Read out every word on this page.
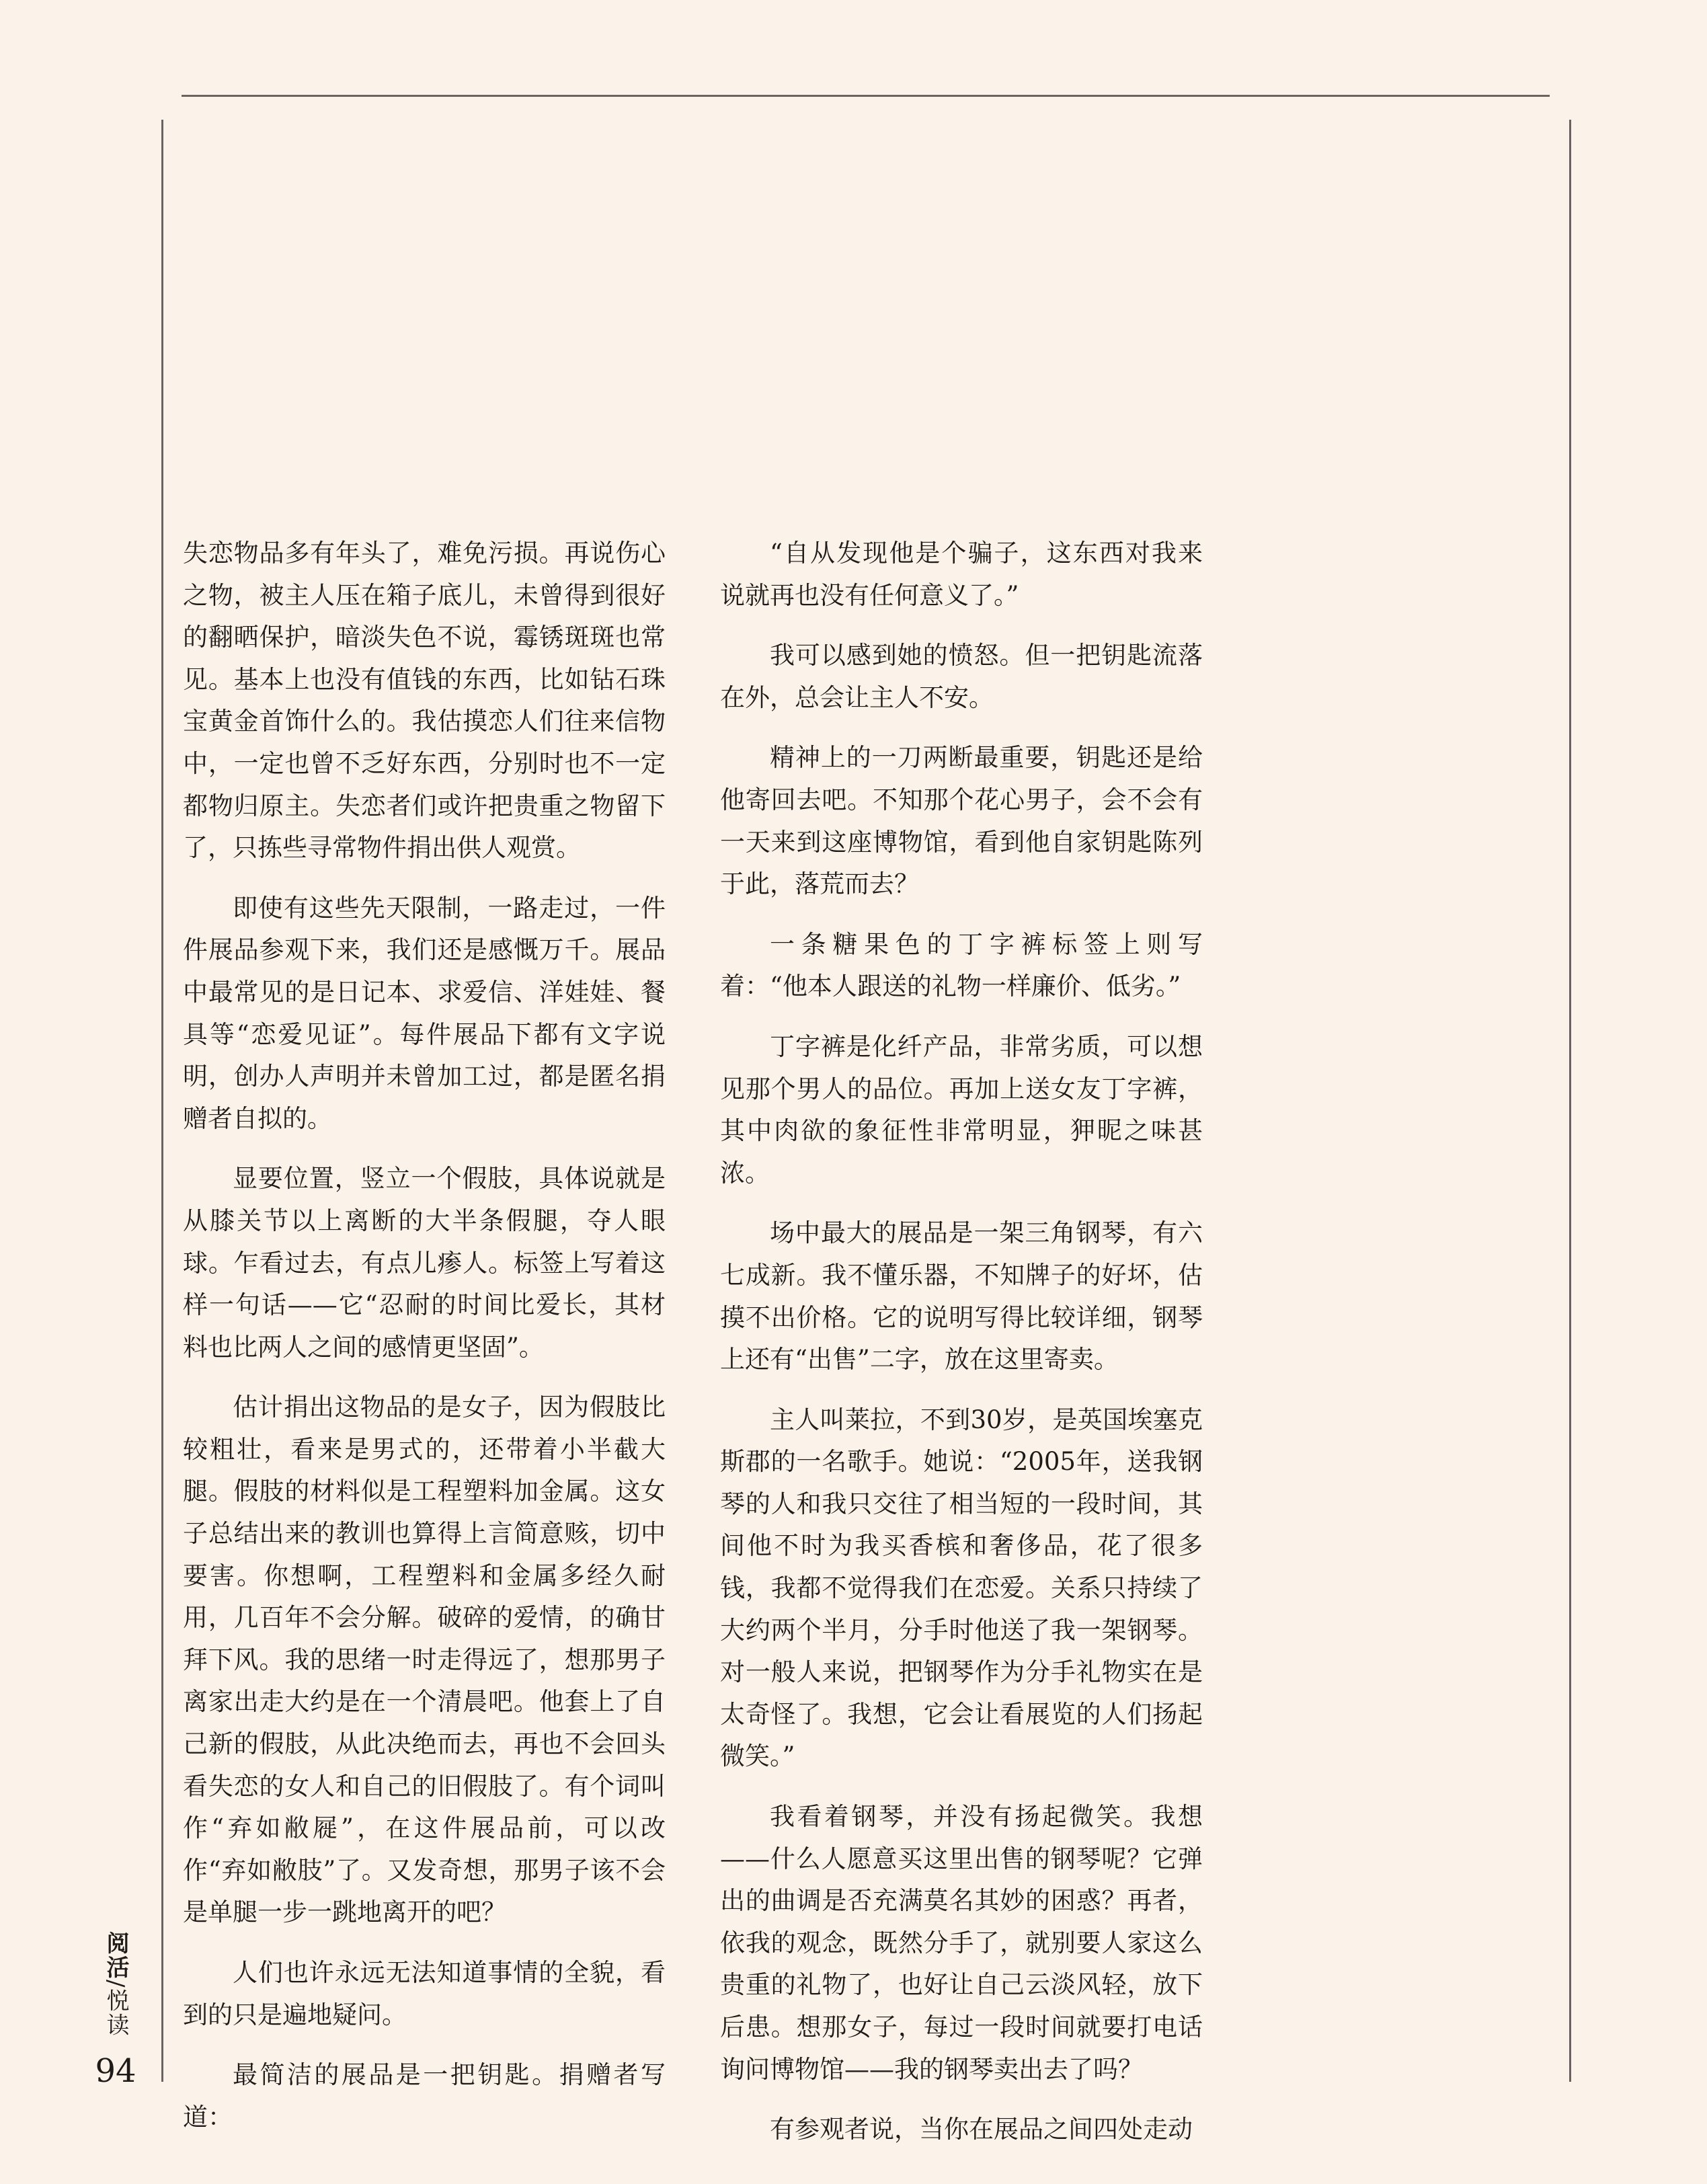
失恋物品多有年头了，难免污损。再说伤心之物，被主人压在箱子底儿，未曾得到很好的翻晒保护，暗淡失色不说，霉锈斑斑也常见。基本上也没有值钱的东西，比如钻石珠宝黄金首饰什么的。我估摸恋人们往来信物中，一定也曾不乏好东西，分别时也不一定都物归原主。失恋者们或许把贵重之物留下了，只拣些寻常物件捐出供人观赏。

即使有这些先天限制，一路走过，一件件展品参观下来，我们还是感慨万千。展品中最常见的是日记本、求爱信、洋娃娃、餐具等“恋爱见证”。每件展品下都有文字说明，创办人声明并未曾加工过，都是匿名捐赠者自拟的。

显要位置，竖立一个假肢，具体说就是从膝关节以上离断的大半条假腿，夺人眼球。乍看过去，有点儿瘆人。标签上写着这样一句话——它“忍耐的时间比爱长，其材料也比两人之间的感情更坚固”。

估计捐出这物品的是女子，因为假肢比较粗壮，看来是男式的，还带着小半截大腿。假肢的材料似是工程塑料加金属。这女子总结出来的教训也算得上言简意赅，切中要害。你想啊，工程塑料和金属多经久耐用，几百年不会分解。破碎的爱情，的确甘拜下风。我的思绪一时走得远了，想那男子离家出走大约是在一个清晨吧。他套上了自己新的假肢，从此决绝而去，再也不会回头看失恋的女人和自己的旧假肢了。有个词叫作“弃如敝屣”，在这件展品前，可以改作“弃如敝肢”了。又发奇想，那男子该不会是单腿一步一跳地离开的吧？

人们也许永远无法知道事情的全貌，看到的只是遍地疑问。

最简洁的展品是一把钥匙。捐赠者写道：

“自从发现他是个骗子，这东西对我来说就再也没有任何意义了。”

我可以感到她的愤怒。但一把钥匙流落在外，总会让主人不安。

精神上的一刀两断最重要，钥匙还是给他寄回去吧。不知那个花心男子，会不会有一天来到这座博物馆，看到他自家钥匙陈列于此，落荒而去？

一条糖果色的丁字裤标签上则写着：“他本人跟送的礼物一样廉价、低劣。”

丁字裤是化纤产品，非常劣质，可以想见那个男人的品位。再加上送女友丁字裤，其中肉欲的象征性非常明显，狎昵之味甚浓。

场中最大的展品是一架三角钢琴，有六七成新。我不懂乐器，不知牌子的好坏，估摸不出价格。它的说明写得比较详细，钢琴上还有“出售”二字，放在这里寄卖。

主人叫莱拉，不到30岁，是英国埃塞克斯郡的一名歌手。她说：“2005年，送我钢琴的人和我只交往了相当短的一段时间，其间他不时为我买香槟和奢侈品，花了很多钱，我都不觉得我们在恋爱。关系只持续了大约两个半月，分手时他送了我一架钢琴。对一般人来说，把钢琴作为分手礼物实在是太奇怪了。我想，它会让看展览的人们扬起微笑。”

我看着钢琴，并没有扬起微笑。我想——什么人愿意买这里出售的钢琴呢？它弹出的曲调是否充满莫名其妙的困惑？再者，依我的观念，既然分手了，就别要人家这么贵重的礼物了，也好让自己云淡风轻，放下后患。想那女子，每过一段时间就要打电话询问博物馆——我的钢琴卖出去了吗？

有参观者说，当你在展品之间四处走动

阅活/悦读
94
